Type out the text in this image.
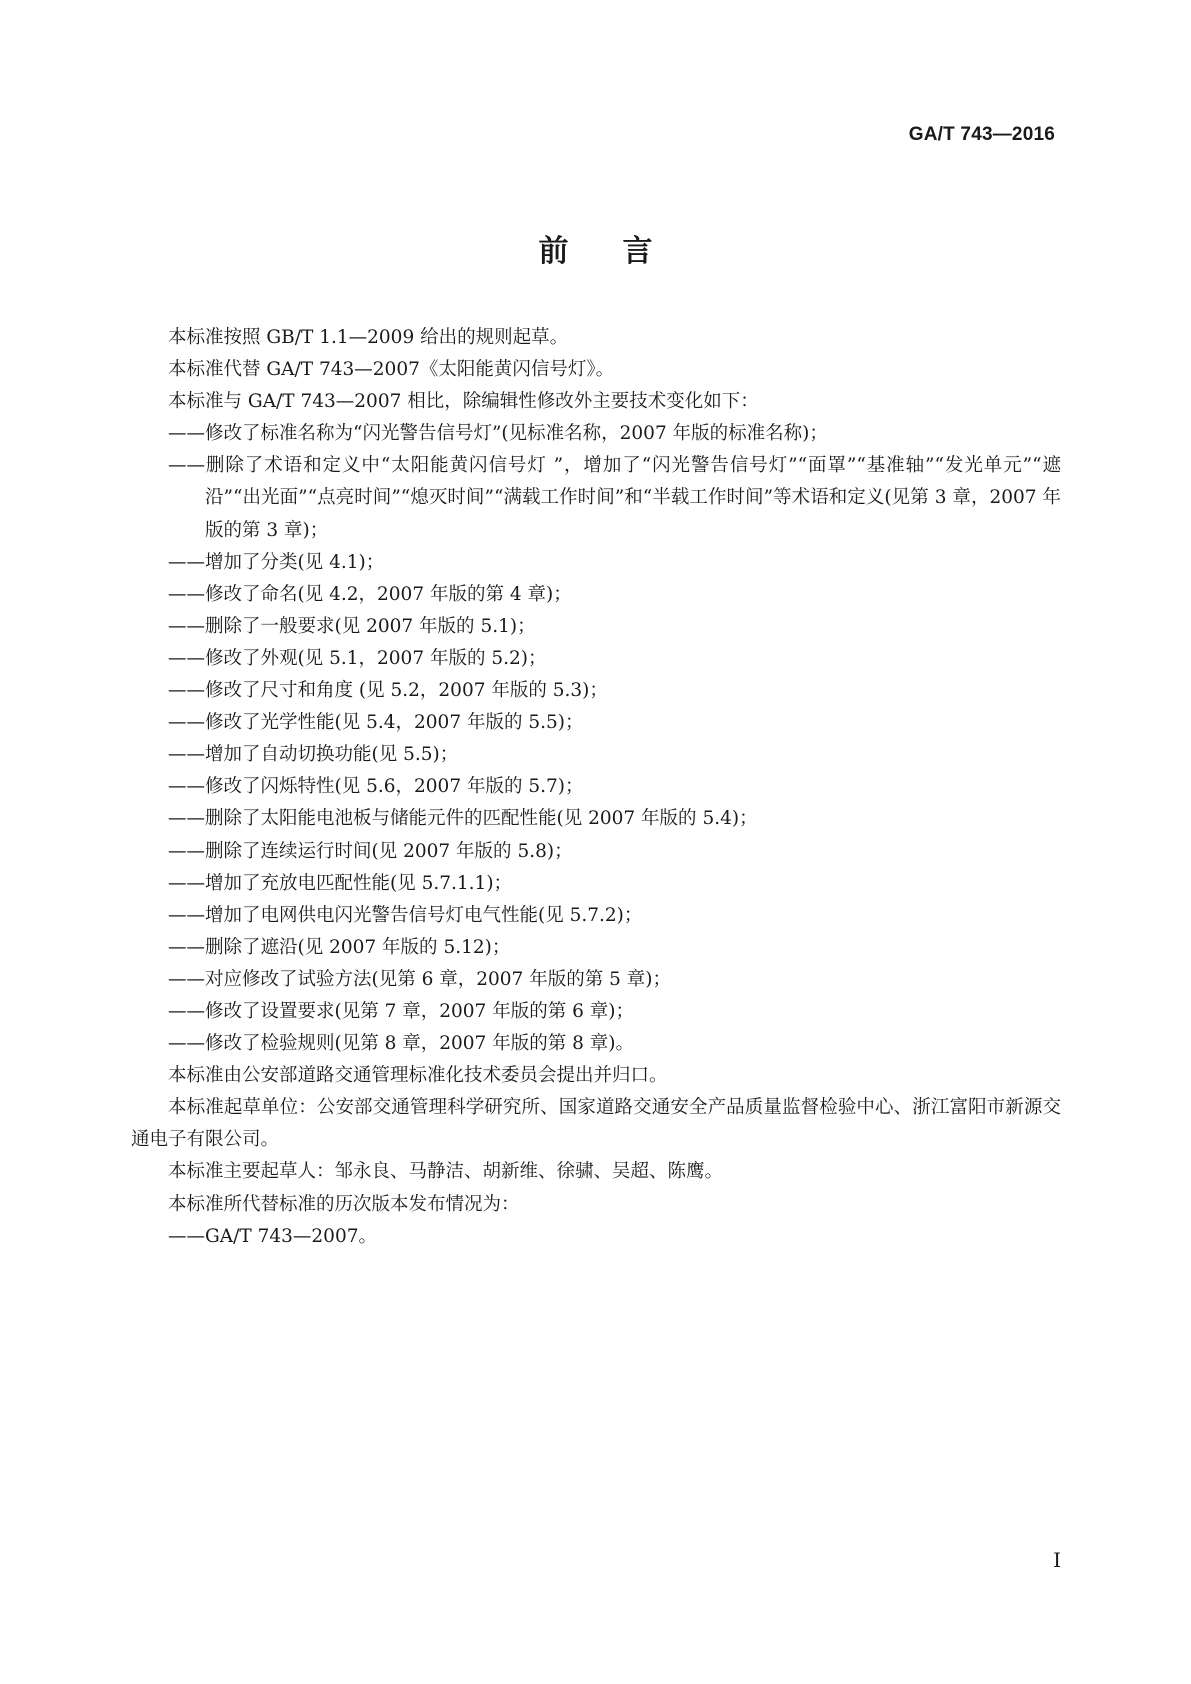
GA/T 743—2016
前言

本标准按照 GB/T 1.1—2009 给出的规则起草。

本标准代替 GA/T 743—2007《太阳能黄闪信号灯》。

本标准与 GA/T 743—2007 相比，除编辑性修改外主要技术变化如下：

——修改了标准名称为“闪光警告信号灯”(见标准名称，2007 年版的标准名称)；

——删除了术语和定义中“太阳能黄闪信号灯 ”，增加了“闪光警告信号灯”“面罩”“基准轴”“发光单元”“遮沿”“出光面”“点亮时间”“熄灭时间”“满载工作时间”和“半载工作时间”等术语和定义(见第 3 章，2007 年版的第 3 章)；

——增加了分类(见 4.1)；

——修改了命名(见 4.2，2007 年版的第 4 章)；

——删除了一般要求(见 2007 年版的 5.1)；

——修改了外观(见 5.1，2007 年版的 5.2)；

——修改了尺寸和角度 (见 5.2，2007 年版的 5.3)；

——修改了光学性能(见 5.4，2007 年版的 5.5)；

——增加了自动切换功能(见 5.5)；

——修改了闪烁特性(见 5.6，2007 年版的 5.7)；

——删除了太阳能电池板与储能元件的匹配性能(见 2007 年版的 5.4)；

——删除了连续运行时间(见 2007 年版的 5.8)；

——增加了充放电匹配性能(见 5.7.1.1)；

——增加了电网供电闪光警告信号灯电气性能(见 5.7.2)；

——删除了遮沿(见 2007 年版的 5.12)；

——对应修改了试验方法(见第 6 章，2007 年版的第 5 章)；

——修改了设置要求(见第 7 章，2007 年版的第 6 章)；

——修改了检验规则(见第 8 章，2007 年版的第 8 章)。

本标准由公安部道路交通管理标准化技术委员会提出并归口。

本标准起草单位：公安部交通管理科学研究所、国家道路交通安全产品质量监督检验中心、浙江富阳市新源交通电子有限公司。

本标准主要起草人：邹永良、马静洁、胡新维、徐骕、吴超、陈鹰。

本标准所代替标准的历次版本发布情况为：

——GA/T 743—2007。

I
